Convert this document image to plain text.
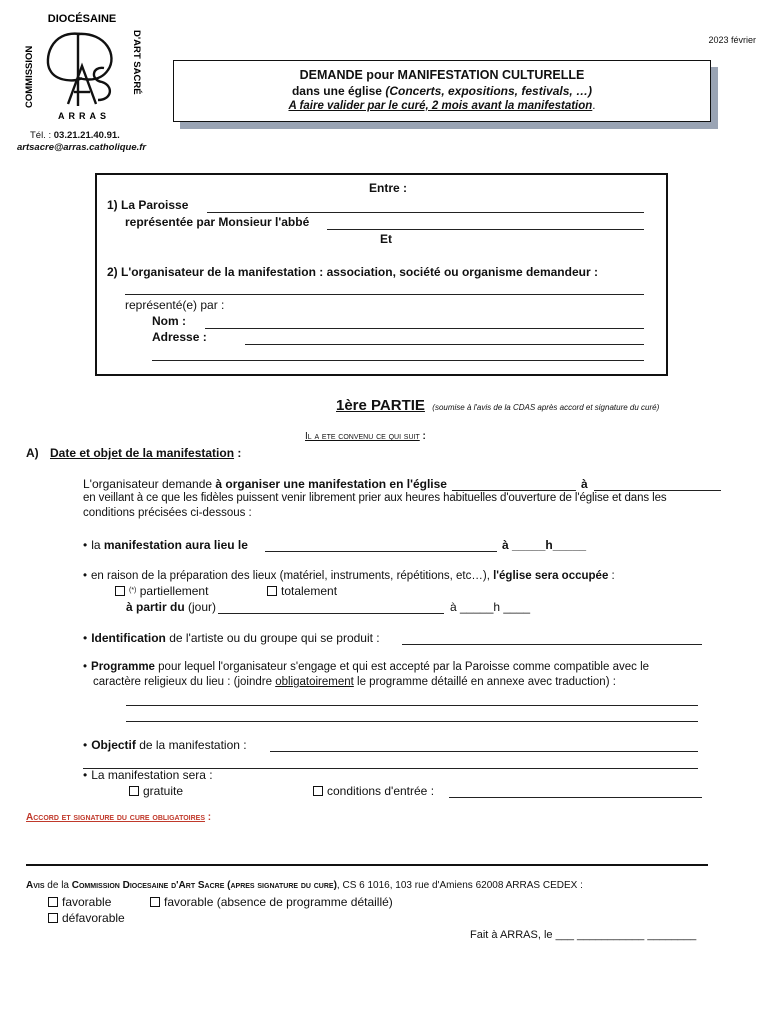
DIOCÉSAINE
COMMISSION	D'ART SACRÉ
ARRAS
2023 février
DEMANDE pour MANIFESTATION CULTURELLE
dans une église (Concerts, expositions, festivals, …)
A faire valider par le curé, 2 mois avant la manifestation.
Tél. : 03.21.21.40.91.
artsacre@arras.catholique.fr
Entre :
1) La Paroisse
représentée par Monsieur l'abbé
Et
2) L'organisateur de la manifestation : association, société ou organisme demandeur :
représenté(e) par :
Nom :
Adresse :
1ère PARTIE (soumise à l'avis de la CDAS après accord et signature du curé)
Il a ete convenu ce qui suit :
A) Date et objet de la manifestation :
L'organisateur demande à organiser une manifestation en l'église	à
en veillant à ce que les fidèles puissent venir librement prier aux heures habituelles d'ouverture de l'église et dans les
conditions précisées ci-dessous :
• la manifestation aura lieu le	à _____h_____
• en raison de la préparation des lieux (matériel, instruments, répétitions, etc…), l'église sera occupée :
(*) partiellement	totalement
à partir du (jour)	à _____h ____
• Identification de l'artiste ou du groupe qui se produit :
• Programme pour lequel l'organisateur s'engage et qui est accepté par la Paroisse comme compatible avec le
caractère religieux du lieu : (joindre obligatoirement le programme détaillé en annexe avec traduction) :
• Objectif de la manifestation :
• La manifestation sera :
gratuite	conditions d'entrée :
Accord et signature du cure obligatoires :
Avis de la Commission Diocesaine d'Art Sacre (apres signature du cure), CS 6 1016, 103 rue d'Amiens 62008 ARRAS CEDEX :
favorable	favorable (absence de programme détaillé)
défavorable
Fait à ARRAS, le ___ ___________ ________
